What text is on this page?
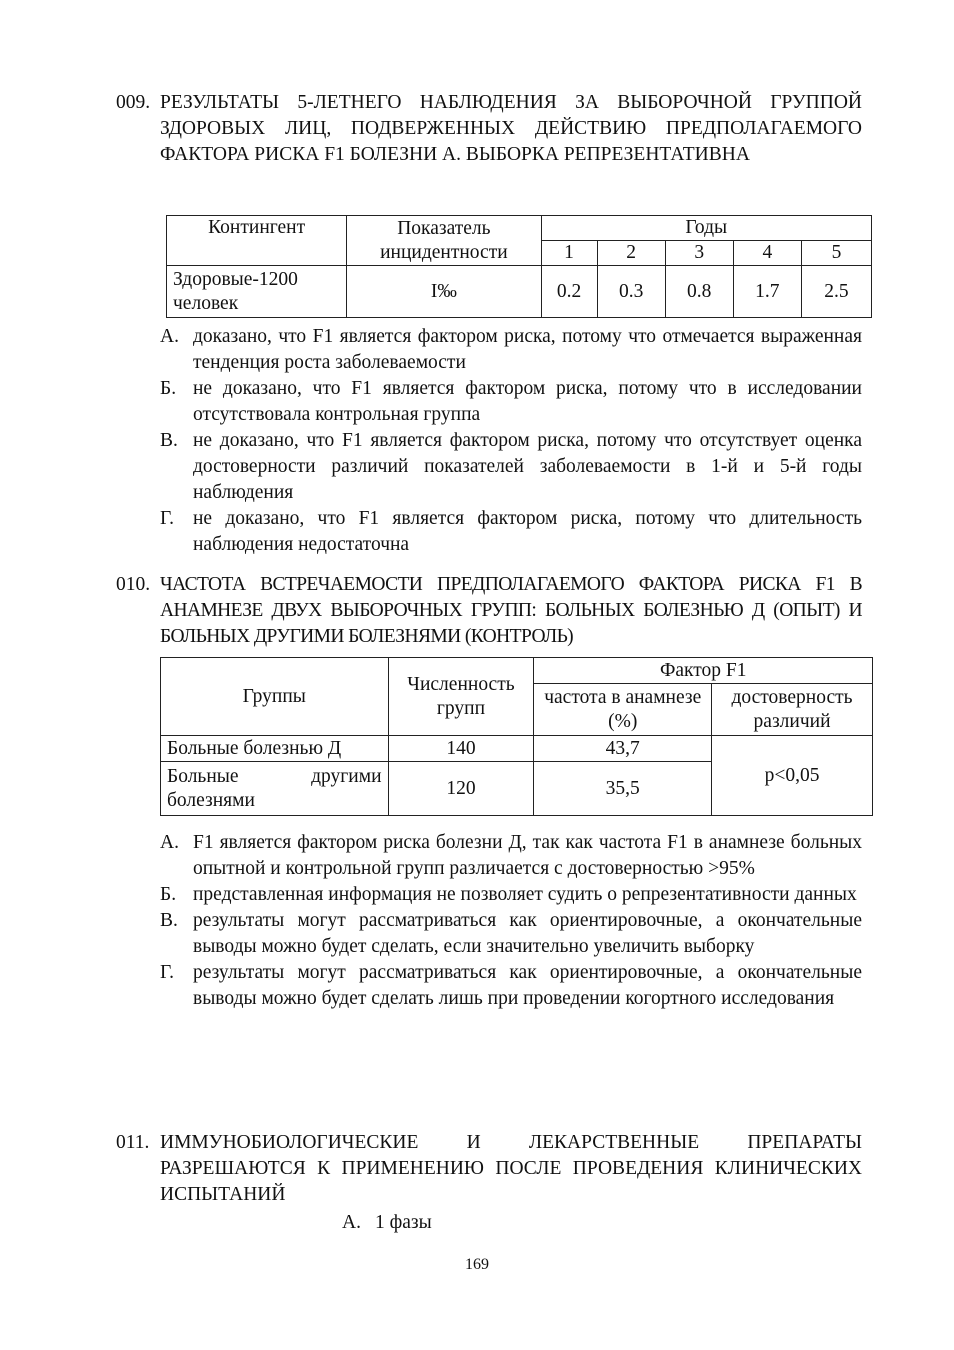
009. РЕЗУЛЬТАТЫ 5-ЛЕТНЕГО НАБЛЮДЕНИЯ ЗА ВЫБОРОЧНОЙ ГРУППОЙ ЗДОРОВЫХ ЛИЦ, ПОДВЕРЖЕННЫХ ДЕЙСТВИЮ ПРЕДПОЛАГАЕМОГО ФАКТОРА РИСКА F1 БОЛЕЗНИ А. ВЫБОРКА РЕПРЕЗЕНТАТИВНА
Контингент	Показатель инцидентности	Годы				
		1	2	3	4	5
Здоровые-1200 человек	I‰	0.2	0.3	0.8	1.7	2.5
А. доказано, что F1 является фактором риска, потому что отмечается выраженная тенденция роста заболеваемости
Б. не доказано, что F1 является фактором риска, потому что в исследовании отсутствовала контрольная группа
В. не доказано, что F1 является фактором риска, потому что отсутствует оценка достоверности различий показателей заболеваемости в 1-й и 5-й годы наблюдения
Г. не доказано, что F1 является фактором риска, потому что длительность наблюдения недостаточна
010. ЧАСТОТА ВСТРЕЧАЕМОСТИ ПРЕДПОЛАГАЕМОГО ФАКТОРА РИСКА F1 В АНАМНЕЗЕ ДВУХ ВЫБОРОЧНЫХ ГРУПП: БОЛЬНЫХ БОЛЕЗНЬЮ Д (ОПЫТ) И БОЛЬНЫХ ДРУГИМИ БОЛЕЗНЯМИ (КОНТРОЛЬ)
Группы	Численность групп	Фактор F1	
		частота в анамнезе (%)	достоверность различий
Больные болезнью Д	140	43,7	p<0,05
Больные другими болезнями	120	35,5	
А. F1 является фактором риска болезни Д, так как частота F1 в анамнезе больных опытной и контрольной групп различается с достоверностью >95%
Б. представленная информация не позволяет судить о репрезентативности данных
В. результаты могут рассматриваться как ориентировочные, а окончательные выводы можно будет сделать, если значительно увеличить выборку
Г. результаты могут рассматриваться как ориентировочные, а окончательные выводы можно будет сделать лишь при проведении когортного исследования
011. ИММУНОБИОЛОГИЧЕСКИЕ И ЛЕКАРСТВЕННЫЕ ПРЕПАРАТЫ РАЗРЕШАЮТСЯ К ПРИМЕНЕНИЮ ПОСЛЕ ПРОВЕДЕНИЯ КЛИНИЧЕСКИХ ИСПЫТАНИЙ
А. 1 фазы
169
